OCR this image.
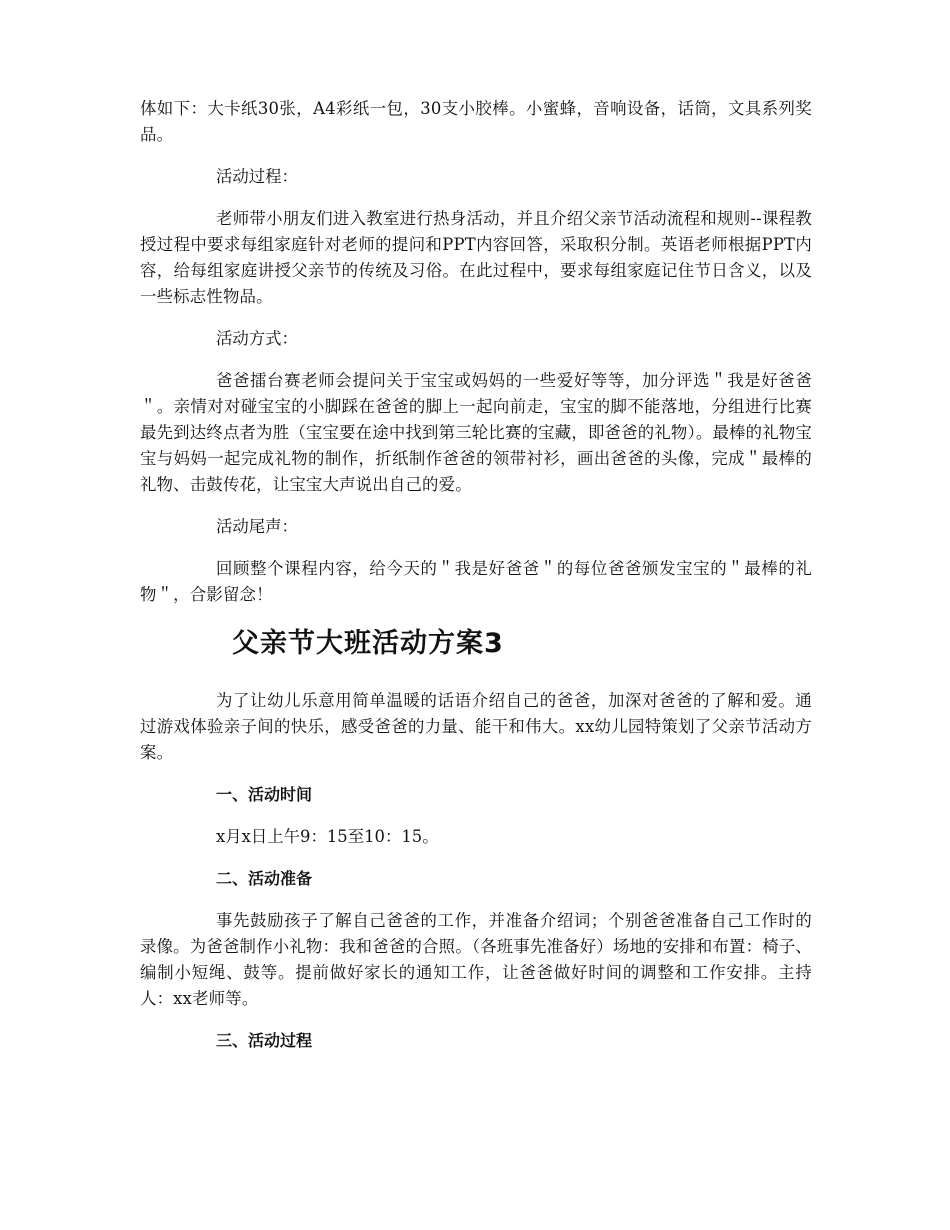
体如下：大卡纸30张，A4彩纸一包，30支小胶棒。小蜜蜂，音响设备，话筒，文具系列奖品。

活动过程：

老师带小朋友们进入教室进行热身活动，并且介绍父亲节活动流程和规则--课程教授过程中要求每组家庭针对老师的提问和PPT内容回答，采取积分制。英语老师根据PPT内容，给每组家庭讲授父亲节的传统及习俗。在此过程中，要求每组家庭记住节日含义，以及一些标志性物品。

活动方式：

爸爸擂台赛老师会提问关于宝宝或妈妈的一些爱好等等，加分评选＂我是好爸爸＂。亲情对对碰宝宝的小脚踩在爸爸的脚上一起向前走，宝宝的脚不能落地，分组进行比赛最先到达终点者为胜（宝宝要在途中找到第三轮比赛的宝藏，即爸爸的礼物）。最棒的礼物宝宝与妈妈一起完成礼物的制作，折纸制作爸爸的领带衬衫，画出爸爸的头像，完成＂最棒的礼物、击鼓传花，让宝宝大声说出自己的爱。

活动尾声：

回顾整个课程内容，给今天的＂我是好爸爸＂的每位爸爸颁发宝宝的＂最棒的礼物＂，合影留念！

父亲节大班活动方案3

为了让幼儿乐意用简单温暖的话语介绍自己的爸爸，加深对爸爸的了解和爱。通过游戏体验亲子间的快乐，感受爸爸的力量、能干和伟大。xx幼儿园特策划了父亲节活动方案。

一、活动时间

x月x日上午9：15至10：15。

二、活动准备

事先鼓励孩子了解自己爸爸的工作，并准备介绍词；个别爸爸准备自己工作时的录像。为爸爸制作小礼物：我和爸爸的合照。（各班事先准备好）场地的安排和布置：椅子、编制小短绳、鼓等。提前做好家长的通知工作，让爸爸做好时间的调整和工作安排。主持人：xx老师等。

三、活动过程
